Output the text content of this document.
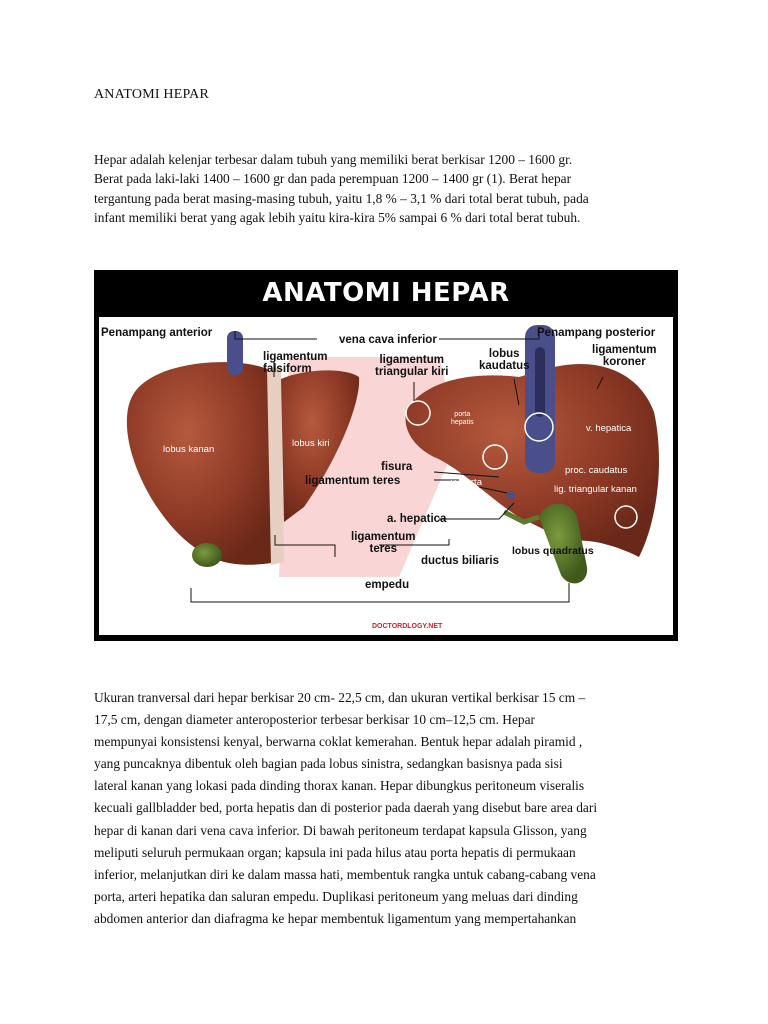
ANATOMI HEPAR
Hepar adalah kelenjar terbesar dalam tubuh yang memiliki berat berkisar 1200 – 1600 gr.
Berat pada laki-laki 1400 – 1600 gr dan pada perempuan 1200 – 1400 gr (1). Berat hepar
tergantung pada berat masing-masing tubuh, yaitu 1,8 % – 3,1 % dari total berat tubuh, pada
infant memiliki berat yang agak lebih yaitu kira-kira 5% sampai 6 % dari total berat tubuh.
ANATOMI HEPAR
Penampang anterior
vena cava inferior
Penampang posterior
ligamentum
falsiform
ligamentum
triangular kiri
lobus
kaudatus
ligamentum
koroner
lobus kanan
lobus kiri
porta
hepatis
v. hepatica
fisura
ligamentum teres	v. porta
proc. caudatus
lig. triangular kanan
a. hepatica
ligamentum
teres
ductus biliaris
lobus quadratus
empedu
DOCTORDLOGY.NET
Ukuran tranversal dari hepar berkisar 20 cm- 22,5 cm, dan ukuran vertikal berkisar 15 cm –
17,5 cm, dengan diameter anteroposterior terbesar berkisar 10 cm–12,5 cm. Hepar
mempunyai konsistensi kenyal, berwarna coklat kemerahan. Bentuk hepar adalah piramid ,
yang puncaknya dibentuk oleh bagian pada lobus sinistra, sedangkan basisnya pada sisi
lateral kanan yang lokasi pada dinding thorax kanan. Hepar dibungkus peritoneum viseralis
kecuali gallbladder bed, porta hepatis dan di posterior pada daerah yang disebut bare area dari
hepar di kanan dari vena cava inferior. Di bawah peritoneum terdapat kapsula Glisson, yang
meliputi seluruh permukaan organ; kapsula ini pada hilus atau porta hepatis di permukaan
inferior, melanjutkan diri ke dalam massa hati, membentuk rangka untuk cabang-cabang vena
porta, arteri hepatika dan saluran empedu. Duplikasi peritoneum yang meluas dari dinding
abdomen anterior dan diafragma ke hepar membentuk ligamentum yang mempertahankan
